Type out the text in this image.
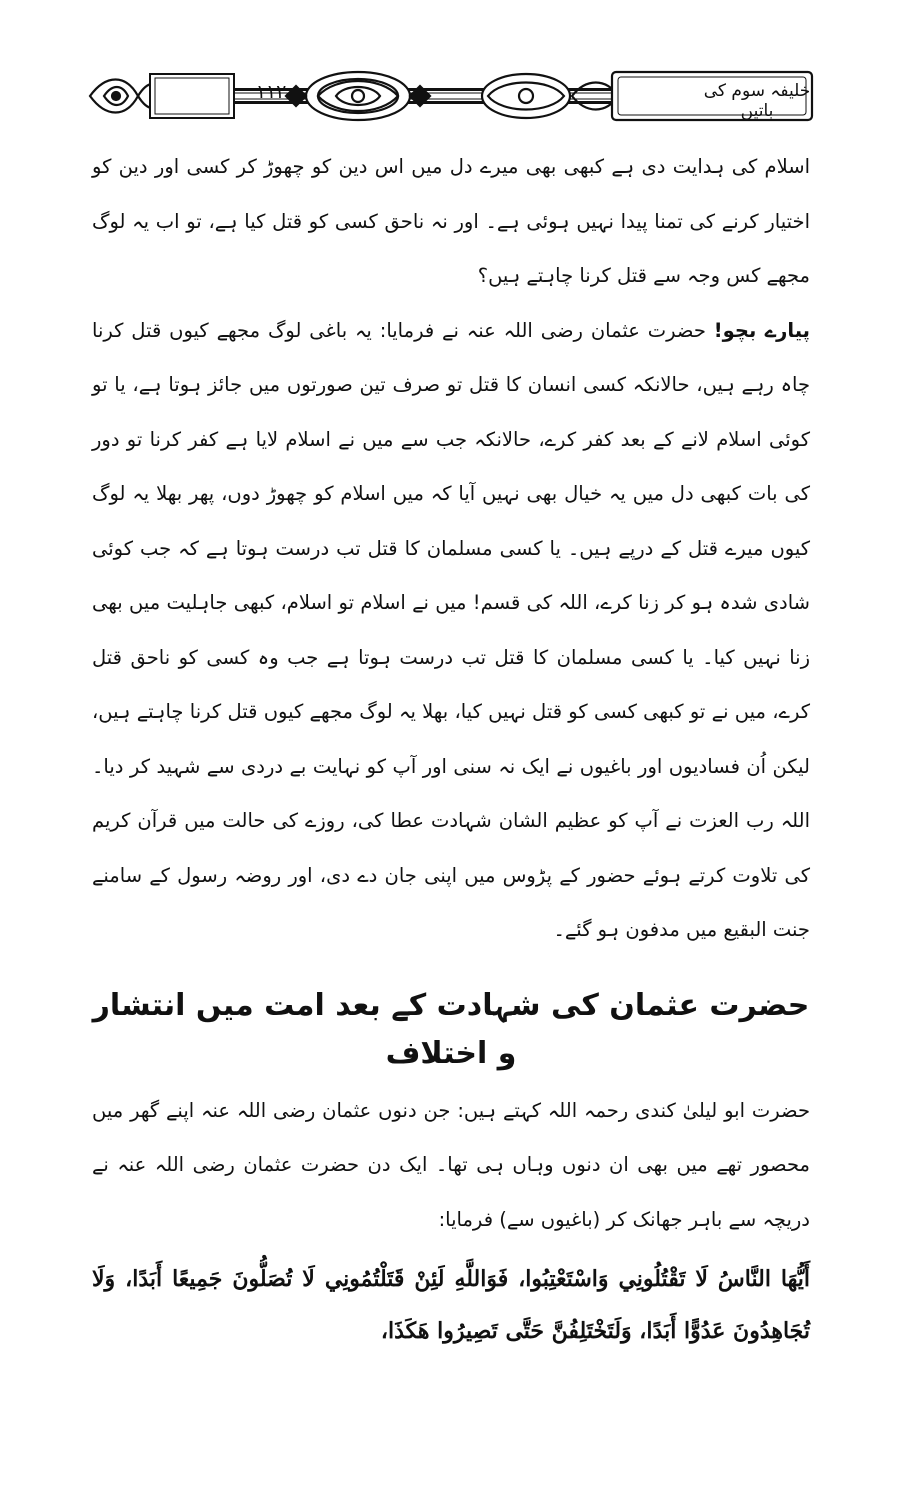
١١٢	خلیفہ سوم کی باتیں

اسلام کی ہدایت دی ہے کبھی بھی میرے دل میں اس دین کو چھوڑ کر کسی اور دین کو اختیار کرنے کی تمنا پیدا نہیں ہوئی ہے۔ اور نہ ناحق کسی کو قتل کیا ہے، تو اب یہ لوگ مجھے کس وجہ سے قتل کرنا چاہتے ہیں؟

پیارے بچو! حضرت عثمان رضی اللہ عنہ نے فرمایا: یہ باغی لوگ مجھے کیوں قتل کرنا چاہ رہے ہیں، حالانکہ کسی انسان کا قتل تو صرف تین صورتوں میں جائز ہوتا ہے، یا تو کوئی اسلام لانے کے بعد کفر کرے، حالانکہ جب سے میں نے اسلام لایا ہے کفر کرنا تو دور کی بات کبھی دل میں یہ خیال بھی نہیں آیا کہ میں اسلام کو چھوڑ دوں، پھر بھلا یہ لوگ کیوں میرے قتل کے درپے ہیں۔ یا کسی مسلمان کا قتل تب درست ہوتا ہے کہ جب کوئی شادی شدہ ہو کر زنا کرے، اللہ کی قسم! میں نے اسلام تو اسلام، کبھی جاہلیت میں بھی زنا نہیں کیا۔ یا کسی مسلمان کا قتل تب درست ہوتا ہے جب وہ کسی کو ناحق قتل کرے، میں نے تو کبھی کسی کو قتل نہیں کیا، بھلا یہ لوگ مجھے کیوں قتل کرنا چاہتے ہیں، لیکن اُن فسادیوں اور باغیوں نے ایک نہ سنی اور آپ کو نہایت بے دردی سے شہید کر دیا۔ اللہ رب العزت نے آپ کو عظیم الشان شہادت عطا کی، روزے کی حالت میں قرآن کریم کی تلاوت کرتے ہوئے حضور کے پڑوس میں اپنی جان دے دی، اور روضہ رسول کے سامنے جنت البقیع میں مدفون ہو گئے۔

حضرت عثمان کی شہادت کے بعد امت میں انتشار و اختلاف

حضرت ابو لیلیٰ کندی رحمہ اللہ کہتے ہیں: جن دنوں عثمان رضی اللہ عنہ اپنے گھر میں محصور تھے میں بھی ان دنوں وہاں ہی تھا۔ ایک دن حضرت عثمان رضی اللہ عنہ نے دریچہ سے باہر جھانک کر (باغیوں سے) فرمایا:

أَيُّهَا النَّاسُ لَا تَقْتُلُونِي وَاسْتَعْتِبُوا، فَوَاللَّهِ لَئِنْ قَتَلْتُمُونِي لَا تُصَلُّونَ جَمِيعًا أَبَدًا، وَلَا تُجَاهِدُونَ عَدُوًّا أَبَدًا، وَلَتَخْتَلِفُنَّ حَتَّى تَصِيرُوا هَكَذَا،
